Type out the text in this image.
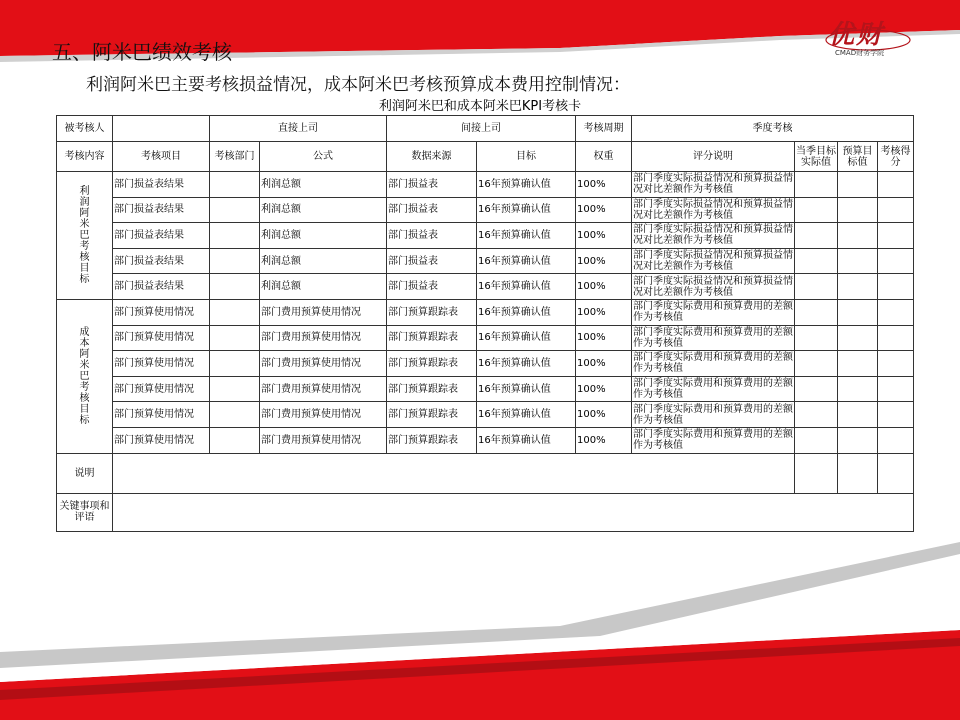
五、阿米巴绩效考核
优财
CMAD财务学院
利润阿米巴主要考核损益情况，成本阿米巴考核预算成本费用控制情况：
利润阿米巴和成本阿米巴KPI考核卡
被考核人		直接上司		间接上司		考核周期	季度考核			
考核内容	考核项目	考核部门	公式	数据来源	目标	权重	评分说明	当季目标实际值	预算目标值	考核得分
利润阿米巴考核目标	部门损益表结果		利润总额	部门损益表	16年预算确认值	100%	部门季度实际损益情况和预算损益情况对比差额作为考核值			
	部门损益表结果		利润总额	部门损益表	16年预算确认值	100%	部门季度实际损益情况和预算损益情况对比差额作为考核值			
	部门损益表结果		利润总额	部门损益表	16年预算确认值	100%	部门季度实际损益情况和预算损益情况对比差额作为考核值			
	部门损益表结果		利润总额	部门损益表	16年预算确认值	100%	部门季度实际损益情况和预算损益情况对比差额作为考核值			
	部门损益表结果		利润总额	部门损益表	16年预算确认值	100%	部门季度实际损益情况和预算损益情况对比差额作为考核值			
成本阿米巴考核目标	部门预算使用情况		部门费用预算使用情况	部门预算跟踪表	16年预算确认值	100%	部门季度实际费用和预算费用的差额作为考核值			
	部门预算使用情况		部门费用预算使用情况	部门预算跟踪表	16年预算确认值	100%	部门季度实际费用和预算费用的差额作为考核值			
	部门预算使用情况		部门费用预算使用情况	部门预算跟踪表	16年预算确认值	100%	部门季度实际费用和预算费用的差额作为考核值			
	部门预算使用情况		部门费用预算使用情况	部门预算跟踪表	16年预算确认值	100%	部门季度实际费用和预算费用的差额作为考核值			
	部门预算使用情况		部门费用预算使用情况	部门预算跟踪表	16年预算确认值	100%	部门季度实际费用和预算费用的差额作为考核值			
	部门预算使用情况		部门费用预算使用情况	部门预算跟踪表	16年预算确认值	100%	部门季度实际费用和预算费用的差额作为考核值			
说明										
关键事项和评语										
